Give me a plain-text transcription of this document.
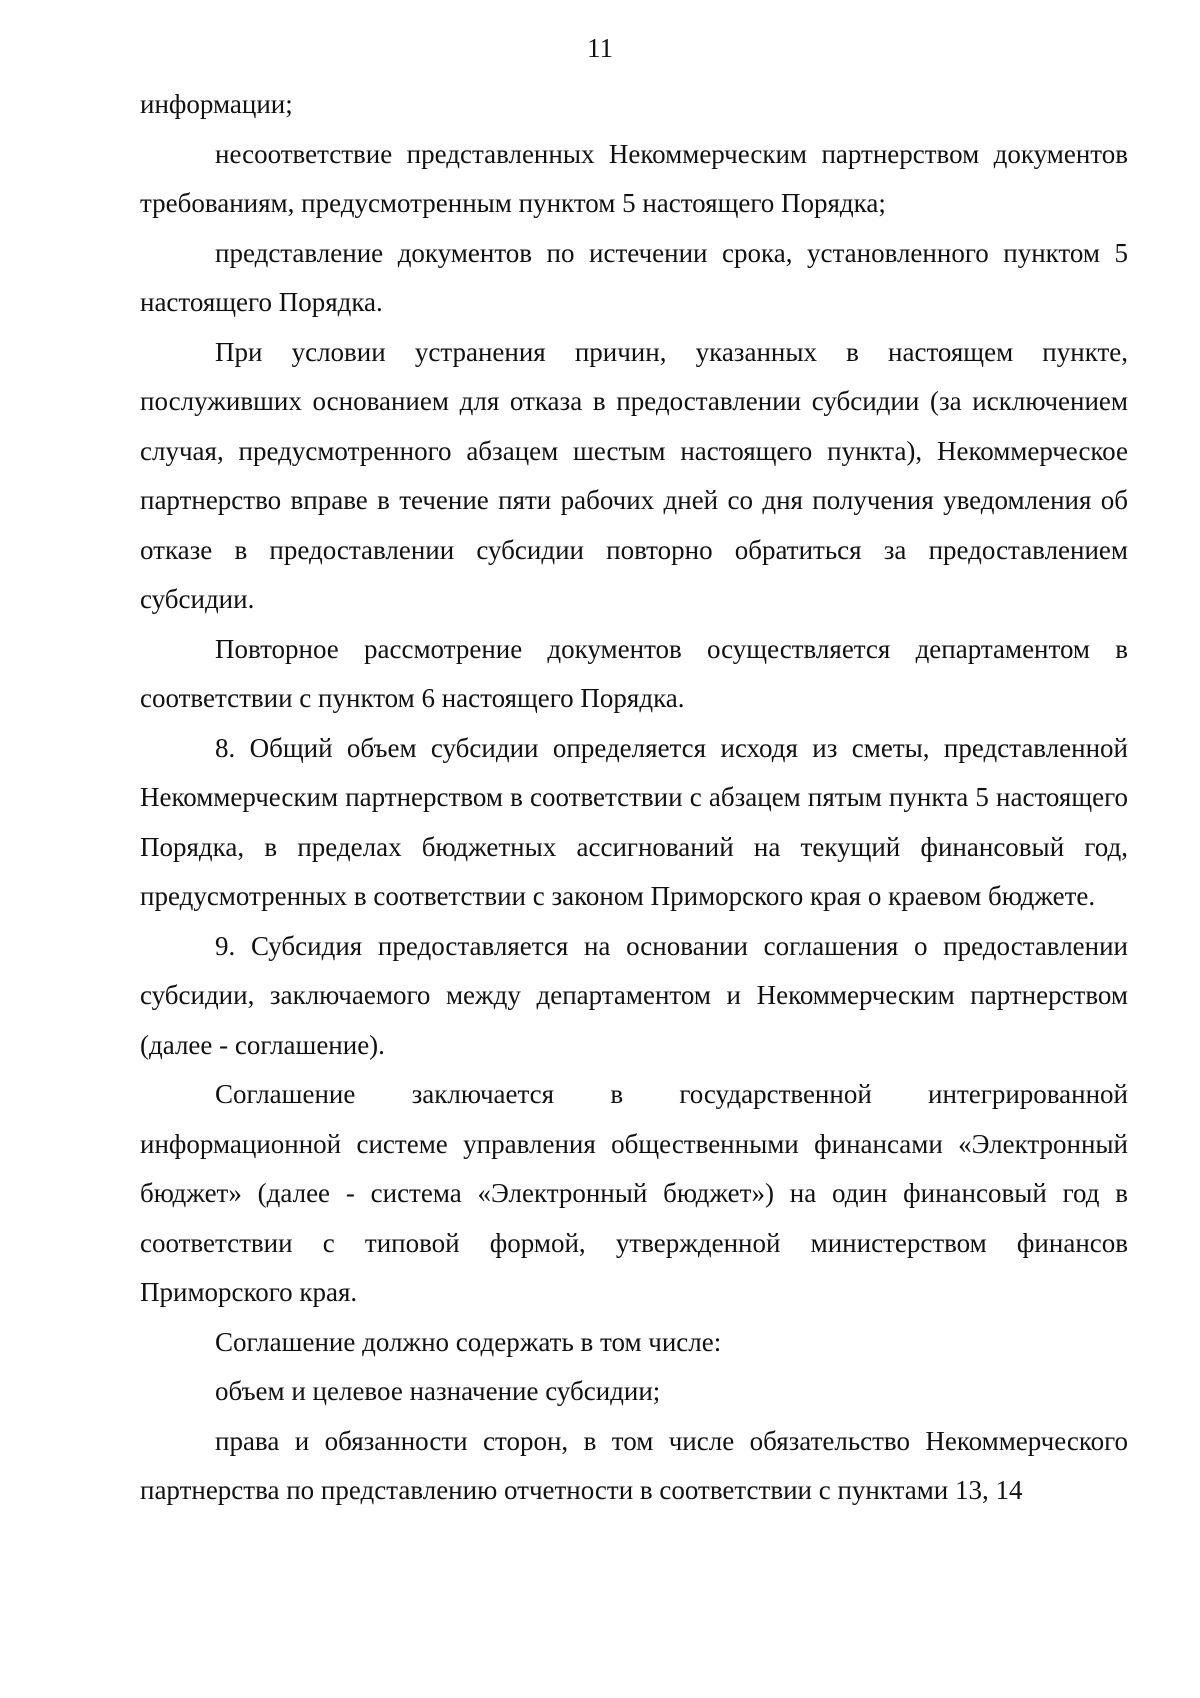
11

информации;

несоответствие представленных Некоммерческим партнерством документов требованиям, предусмотренным пунктом 5 настоящего Порядка;

представление документов по истечении срока, установленного пунктом 5 настоящего Порядка.

При условии устранения причин, указанных в настоящем пункте, послуживших основанием для отказа в предоставлении субсидии (за исключением случая, предусмотренного абзацем шестым настоящего пункта), Некоммерческое партнерство вправе в течение пяти рабочих дней со дня получения уведомления об отказе в предоставлении субсидии повторно обратиться за предоставлением субсидии.

Повторное рассмотрение документов осуществляется департаментом в соответствии с пунктом 6 настоящего Порядка.

8. Общий объем субсидии определяется исходя из сметы, представленной Некоммерческим партнерством в соответствии с абзацем пятым пункта 5 настоящего Порядка, в пределах бюджетных ассигнований на текущий финансовый год, предусмотренных в соответствии с законом Приморского края о краевом бюджете.

9. Субсидия предоставляется на основании соглашения о предоставлении субсидии, заключаемого между департаментом и Некоммерческим партнерством (далее - соглашение).

Соглашение заключается в государственной интегрированной информационной системе управления общественными финансами «Электронный бюджет» (далее - система «Электронный бюджет») на один финансовый год в соответствии с типовой формой, утвержденной министерством финансов Приморского края.

Соглашение должно содержать в том числе:

объем и целевое назначение субсидии;

права и обязанности сторон, в том числе обязательство Некоммерческого партнерства по представлению отчетности в соответствии с пунктами 13, 14
